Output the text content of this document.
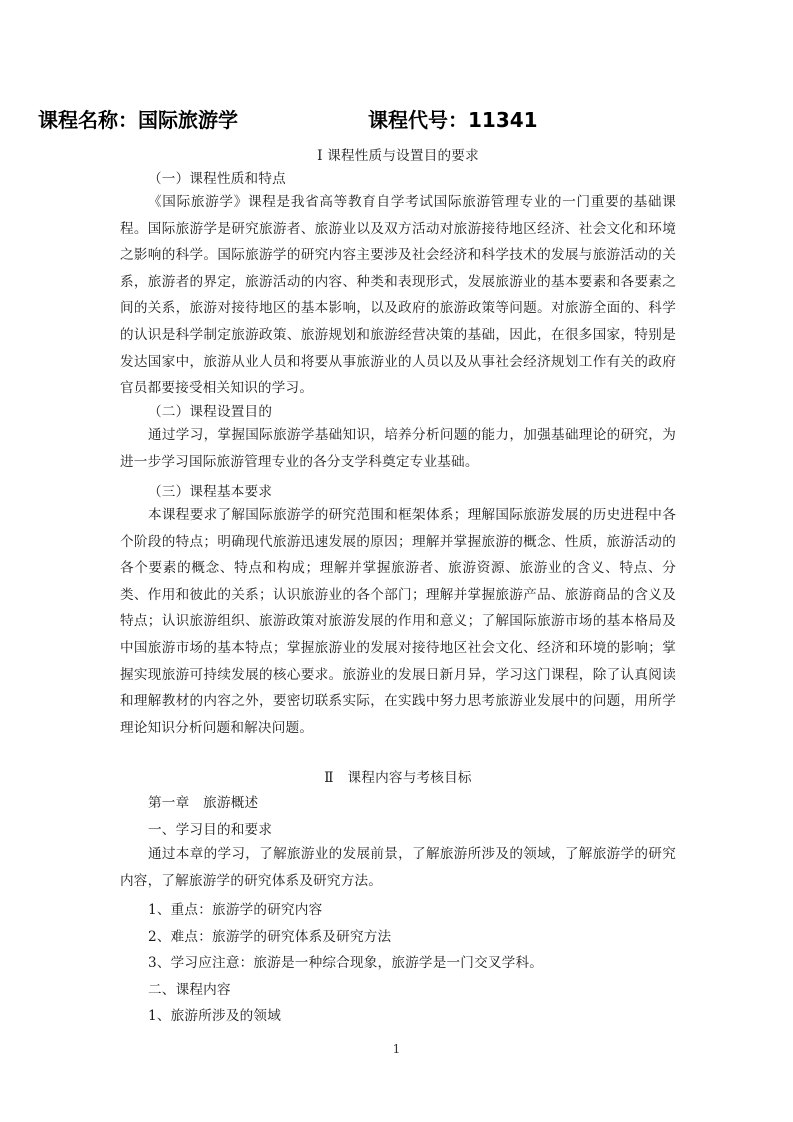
课程名称：国际旅游学	课程代号：11341
I 课程性质与设置目的要求
（一）课程性质和特点
《国际旅游学》课程是我省高等教育自学考试国际旅游管理专业的一门重要的基础课程。国际旅游学是研究旅游者、旅游业以及双方活动对旅游接待地区经济、社会文化和环境之影响的科学。国际旅游学的研究内容主要涉及社会经济和科学技术的发展与旅游活动的关系，旅游者的界定，旅游活动的内容、种类和表现形式，发展旅游业的基本要素和各要素之间的关系，旅游对接待地区的基本影响，以及政府的旅游政策等问题。对旅游全面的、科学的认识是科学制定旅游政策、旅游规划和旅游经营决策的基础，因此，在很多国家，特别是发达国家中，旅游从业人员和将要从事旅游业的人员以及从事社会经济规划工作有关的政府官员都要接受相关知识的学习。
（二）课程设置目的
通过学习，掌握国际旅游学基础知识，培养分析问题的能力，加强基础理论的研究，为进一步学习国际旅游管理专业的各分支学科奠定专业基础。
（三）课程基本要求
本课程要求了解国际旅游学的研究范围和框架体系；理解国际旅游发展的历史进程中各个阶段的特点；明确现代旅游迅速发展的原因；理解并掌握旅游的概念、性质，旅游活动的各个要素的概念、特点和构成；理解并掌握旅游者、旅游资源、旅游业的含义、特点、分类、作用和彼此的关系；认识旅游业的各个部门；理解并掌握旅游产品、旅游商品的含义及特点；认识旅游组织、旅游政策对旅游发展的作用和意义；了解国际旅游市场的基本格局及中国旅游市场的基本特点；掌握旅游业的发展对接待地区社会文化、经济和环境的影响；掌握实现旅游可持续发展的核心要求。旅游业的发展日新月异，学习这门课程，除了认真阅读和理解教材的内容之外，要密切联系实际，在实践中努力思考旅游业发展中的问题，用所学理论知识分析问题和解决问题。
Ⅱ　课程内容与考核目标
第一章　旅游概述
一、学习目的和要求
通过本章的学习，了解旅游业的发展前景，了解旅游所涉及的领域，了解旅游学的研究内容，了解旅游学的研究体系及研究方法。
1、重点：旅游学的研究内容
2、难点：旅游学的研究体系及研究方法
3、学习应注意：旅游是一种综合现象，旅游学是一门交叉学科。
二、课程内容
1、旅游所涉及的领域
1
